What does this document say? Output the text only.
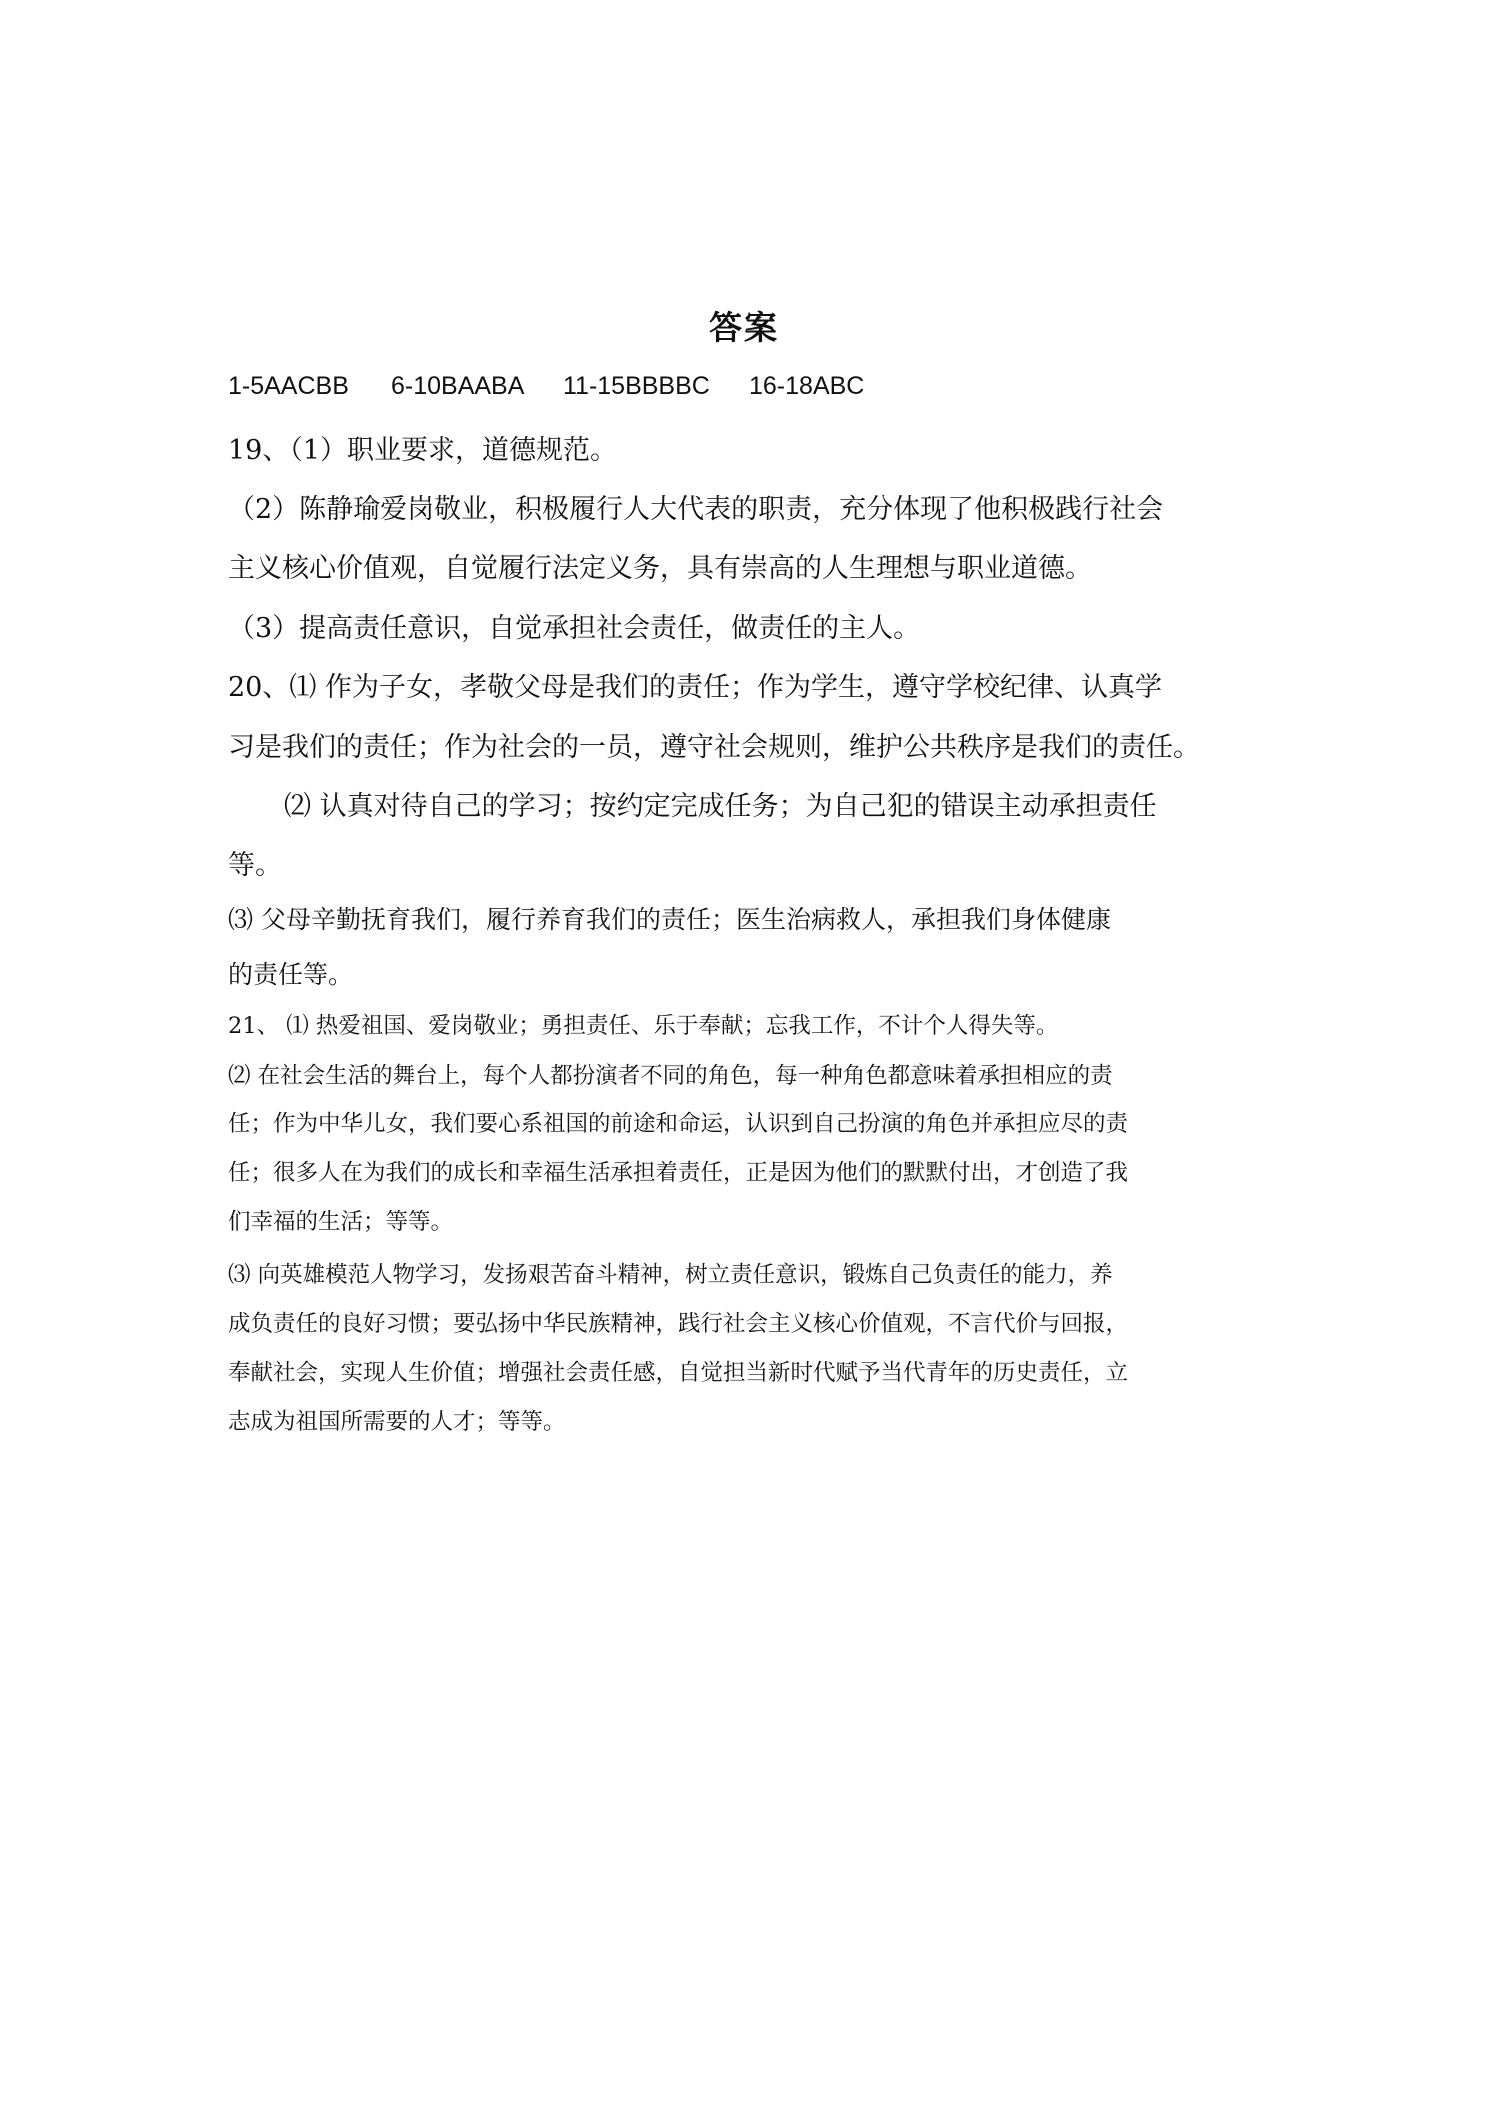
答案
1-5AACBB 6-10BAABA 11-15BBBBC 16-18ABC
19、（1）职业要求，道德规范。
（2）陈静瑜爱岗敬业，积极履行人大代表的职责，充分体现了他积极践行社会
主义核心价值观，自觉履行法定义务，具有崇高的人生理想与职业道德。
（3）提高责任意识，自觉承担社会责任，做责任的主人。
20、⑴ 作为子女，孝敬父母是我们的责任；作为学生，遵守学校纪律、认真学
习是我们的责任；作为社会的一员，遵守社会规则，维护公共秩序是我们的责任。
⑵ 认真对待自己的学习；按约定完成任务；为自己犯的错误主动承担责任
等。
⑶ 父母辛勤抚育我们，履行养育我们的责任；医生治病救人，承担我们身体健康
的责任等。
21、 ⑴ 热爱祖国、爱岗敬业；勇担责任、乐于奉献；忘我工作，不计个人得失等。
⑵ 在社会生活的舞台上，每个人都扮演者不同的角色，每一种角色都意味着承担相应的责
任；作为中华儿女，我们要心系祖国的前途和命运，认识到自己扮演的角色并承担应尽的责
任；很多人在为我们的成长和幸福生活承担着责任，正是因为他们的默默付出，才创造了我
们幸福的生活；等等。
⑶ 向英雄模范人物学习，发扬艰苦奋斗精神，树立责任意识，锻炼自己负责任的能力，养
成负责任的良好习惯；要弘扬中华民族精神，践行社会主义核心价值观，不言代价与回报，
奉献社会，实现人生价值；增强社会责任感，自觉担当新时代赋予当代青年的历史责任，立
志成为祖国所需要的人才；等等。
